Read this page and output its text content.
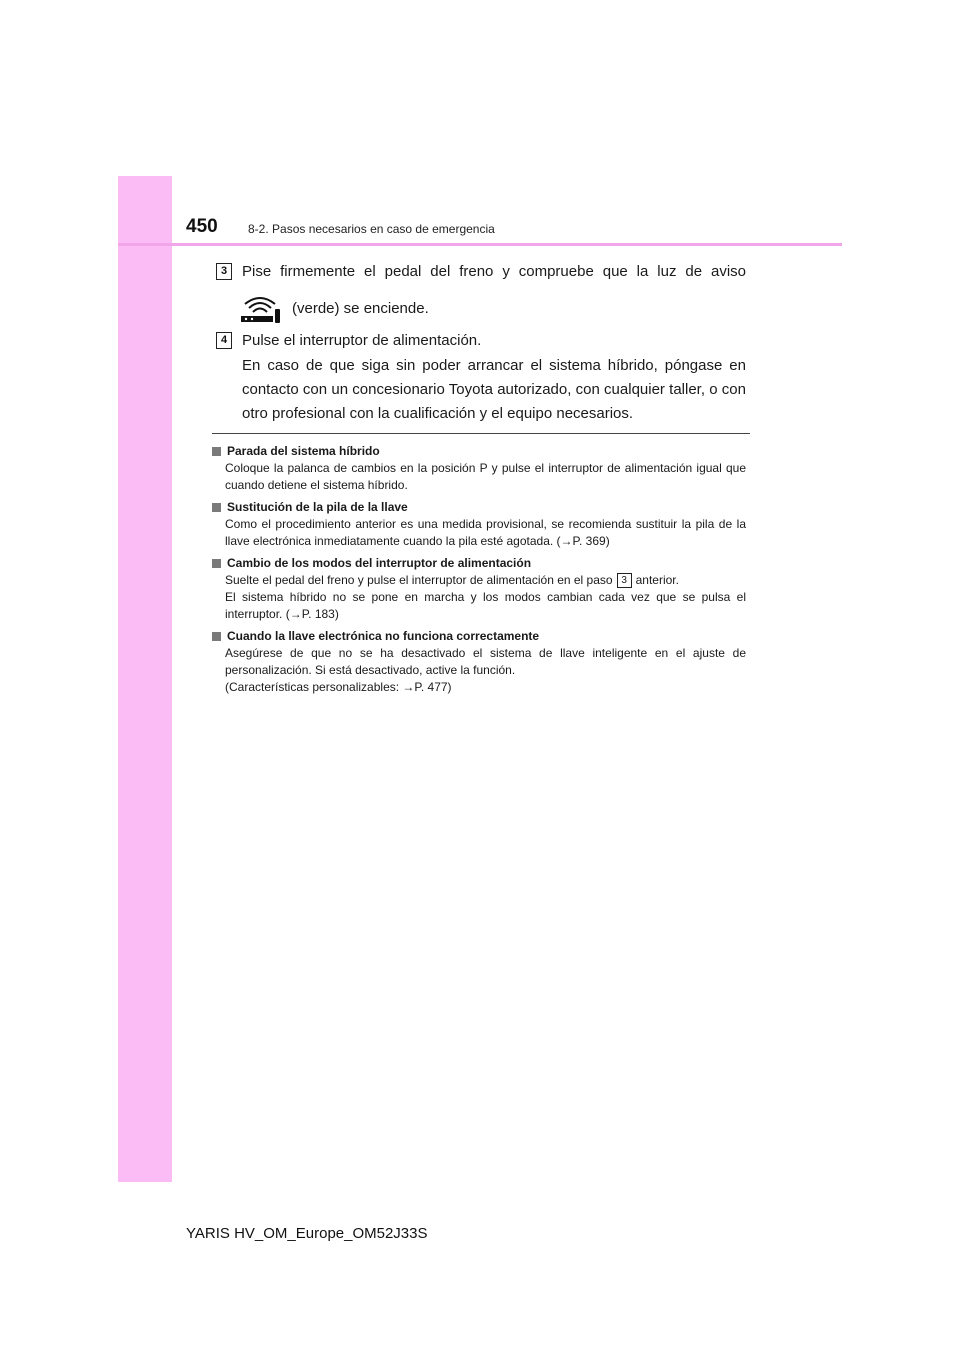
450	8-2. Pasos necesarios en caso de emergencia
3 Pise firmemente el pedal del freno y compruebe que la luz de aviso
(verde) se enciende.
4 Pulse el interruptor de alimentación.
En caso de que siga sin poder arrancar el sistema híbrido, póngase en contacto con un concesionario Toyota autorizado, con cualquier taller, o con otro profesional con la cualificación y el equipo necesarios.
Parada del sistema híbrido

Coloque la palanca de cambios en la posición P y pulse el interruptor de alimentación igual que cuando detiene el sistema híbrido.

Sustitución de la pila de la llave

Como el procedimiento anterior es una medida provisional, se recomienda sustituir la pila de la llave electrónica inmediatamente cuando la pila esté agotada. (→P. 369)

Cambio de los modos del interruptor de alimentación

Suelte el pedal del freno y pulse el interruptor de alimentación en el paso 3 anterior.

El sistema híbrido no se pone en marcha y los modos cambian cada vez que se pulsa el interruptor. (→P. 183)

Cuando la llave electrónica no funciona correctamente

Asegúrese de que no se ha desactivado el sistema de llave inteligente en el ajuste de personalización. Si está desactivado, active la función.

(Características personalizables: →P. 477)

YARIS HV_OM_Europe_OM52J33S
